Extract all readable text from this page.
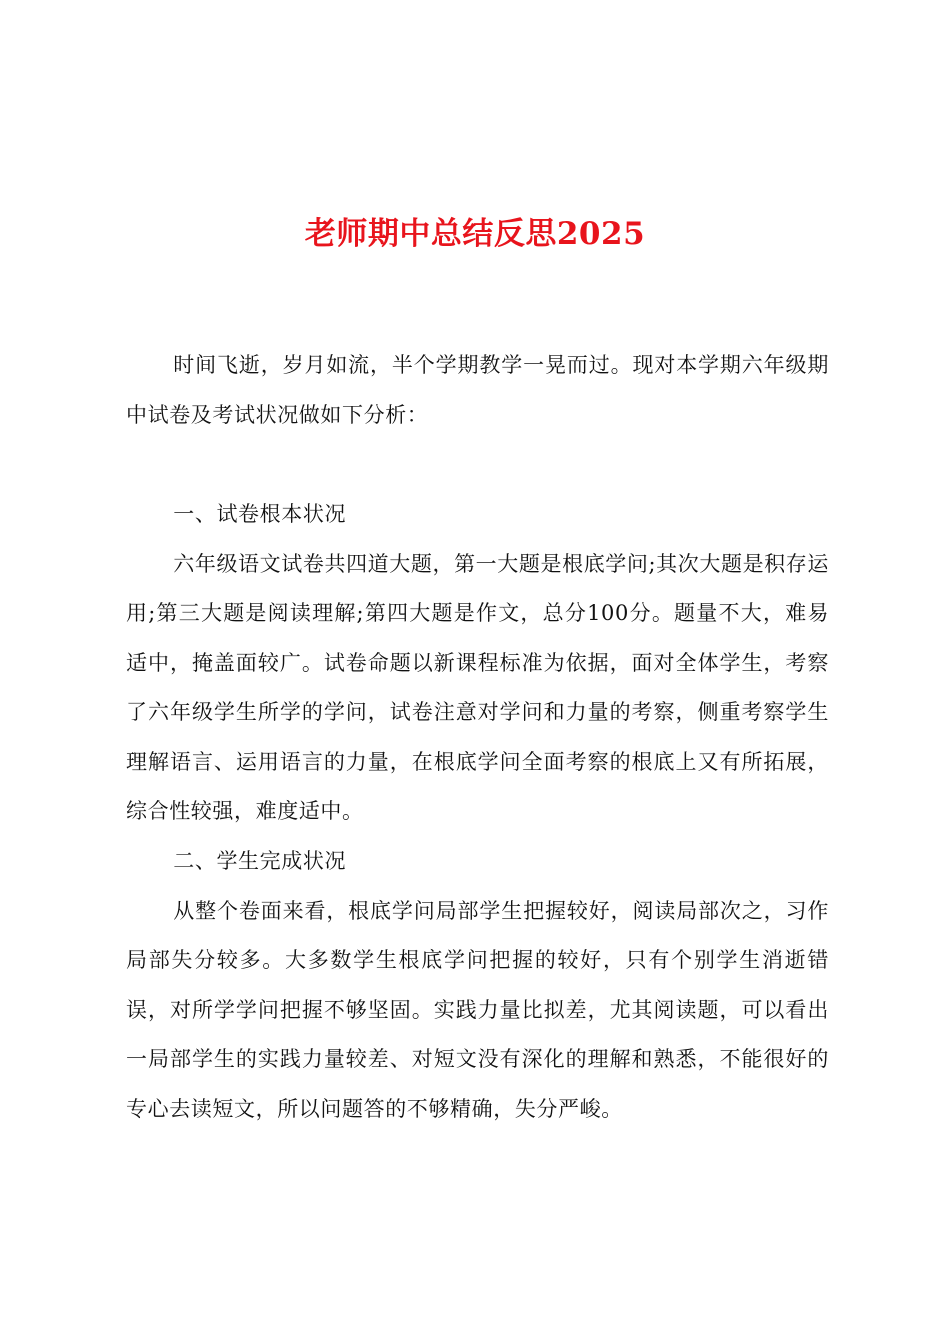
老师期中总结反思2025

时间飞逝，岁月如流，半个学期教学一晃而过。现对本学期六年级期中试卷及考试状况做如下分析：

一、试卷根本状况

六年级语文试卷共四道大题，第一大题是根底学问;其次大题是积存运用;第三大题是阅读理解;第四大题是作文，总分100分。题量不大，难易适中，掩盖面较广。试卷命题以新课程标准为依据，面对全体学生，考察了六年级学生所学的学问，试卷注意对学问和力量的考察，侧重考察学生理解语言、运用语言的力量，在根底学问全面考察的根底上又有所拓展，综合性较强，难度适中。

二、学生完成状况

从整个卷面来看，根底学问局部学生把握较好，阅读局部次之，习作局部失分较多。大多数学生根底学问把握的较好，只有个别学生消逝错误，对所学学问把握不够坚固。实践力量比拟差，尤其阅读题，可以看出一局部学生的实践力量较差、对短文没有深化的理解和熟悉，不能很好的专心去读短文，所以问题答的不够精确，失分严峻。
